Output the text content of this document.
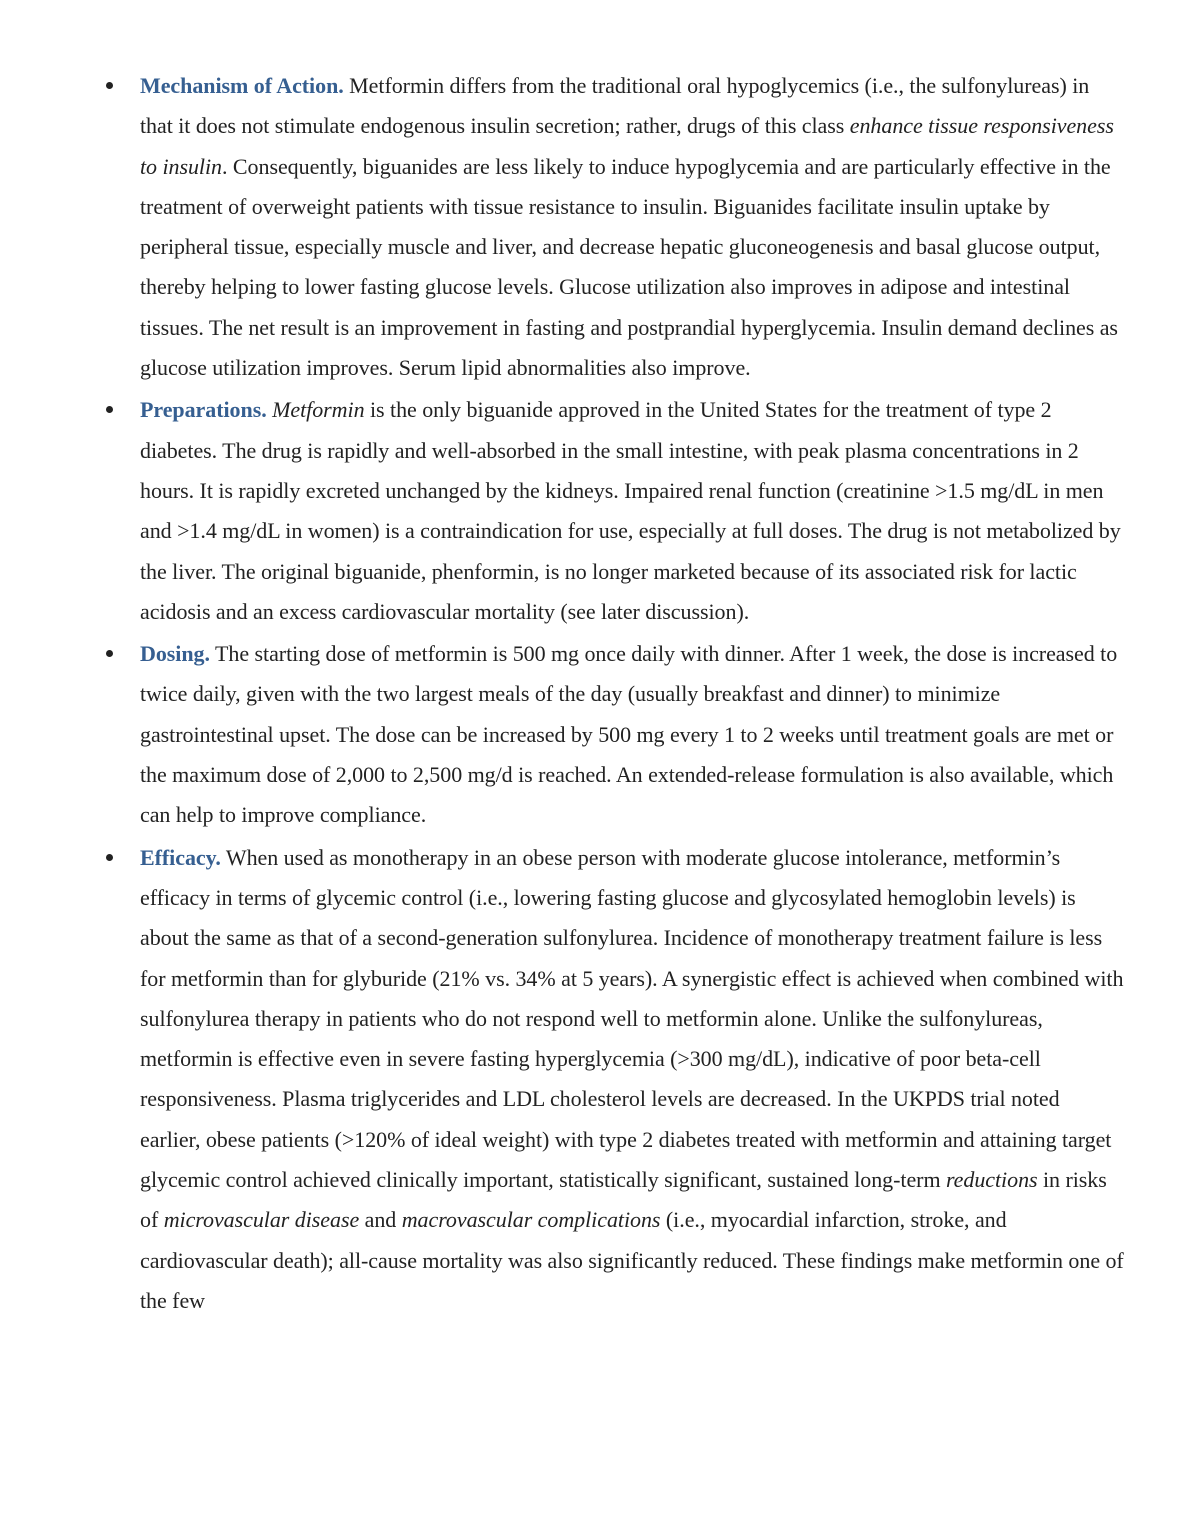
Mechanism of Action. Metformin differs from the traditional oral hypoglycemics (i.e., the sulfonylureas) in that it does not stimulate endogenous insulin secretion; rather, drugs of this class enhance tissue responsiveness to insulin. Consequently, biguanides are less likely to induce hypoglycemia and are particularly effective in the treatment of overweight patients with tissue resistance to insulin. Biguanides facilitate insulin uptake by peripheral tissue, especially muscle and liver, and decrease hepatic gluconeogenesis and basal glucose output, thereby helping to lower fasting glucose levels. Glucose utilization also improves in adipose and intestinal tissues. The net result is an improvement in fasting and postprandial hyperglycemia. Insulin demand declines as glucose utilization improves. Serum lipid abnormalities also improve.
Preparations. Metformin is the only biguanide approved in the United States for the treatment of type 2 diabetes. The drug is rapidly and well-absorbed in the small intestine, with peak plasma concentrations in 2 hours. It is rapidly excreted unchanged by the kidneys. Impaired renal function (creatinine >1.5 mg/dL in men and >1.4 mg/dL in women) is a contraindication for use, especially at full doses. The drug is not metabolized by the liver. The original biguanide, phenformin, is no longer marketed because of its associated risk for lactic acidosis and an excess cardiovascular mortality (see later discussion).
Dosing. The starting dose of metformin is 500 mg once daily with dinner. After 1 week, the dose is increased to twice daily, given with the two largest meals of the day (usually breakfast and dinner) to minimize gastrointestinal upset. The dose can be increased by 500 mg every 1 to 2 weeks until treatment goals are met or the maximum dose of 2,000 to 2,500 mg/d is reached. An extended-release formulation is also available, which can help to improve compliance.
Efficacy. When used as monotherapy in an obese person with moderate glucose intolerance, metformin’s efficacy in terms of glycemic control (i.e., lowering fasting glucose and glycosylated hemoglobin levels) is about the same as that of a second-generation sulfonylurea. Incidence of monotherapy treatment failure is less for metformin than for glyburide (21% vs. 34% at 5 years). A synergistic effect is achieved when combined with sulfonylurea therapy in patients who do not respond well to metformin alone. Unlike the sulfonylureas, metformin is effective even in severe fasting hyperglycemia (>300 mg/dL), indicative of poor beta-cell responsiveness. Plasma triglycerides and LDL cholesterol levels are decreased. In the UKPDS trial noted earlier, obese patients (>120% of ideal weight) with type 2 diabetes treated with metformin and attaining target glycemic control achieved clinically important, statistically significant, sustained long-term reductions in risks of microvascular disease and macrovascular complications (i.e., myocardial infarction, stroke, and cardiovascular death); all-cause mortality was also significantly reduced. These findings make metformin one of the few
